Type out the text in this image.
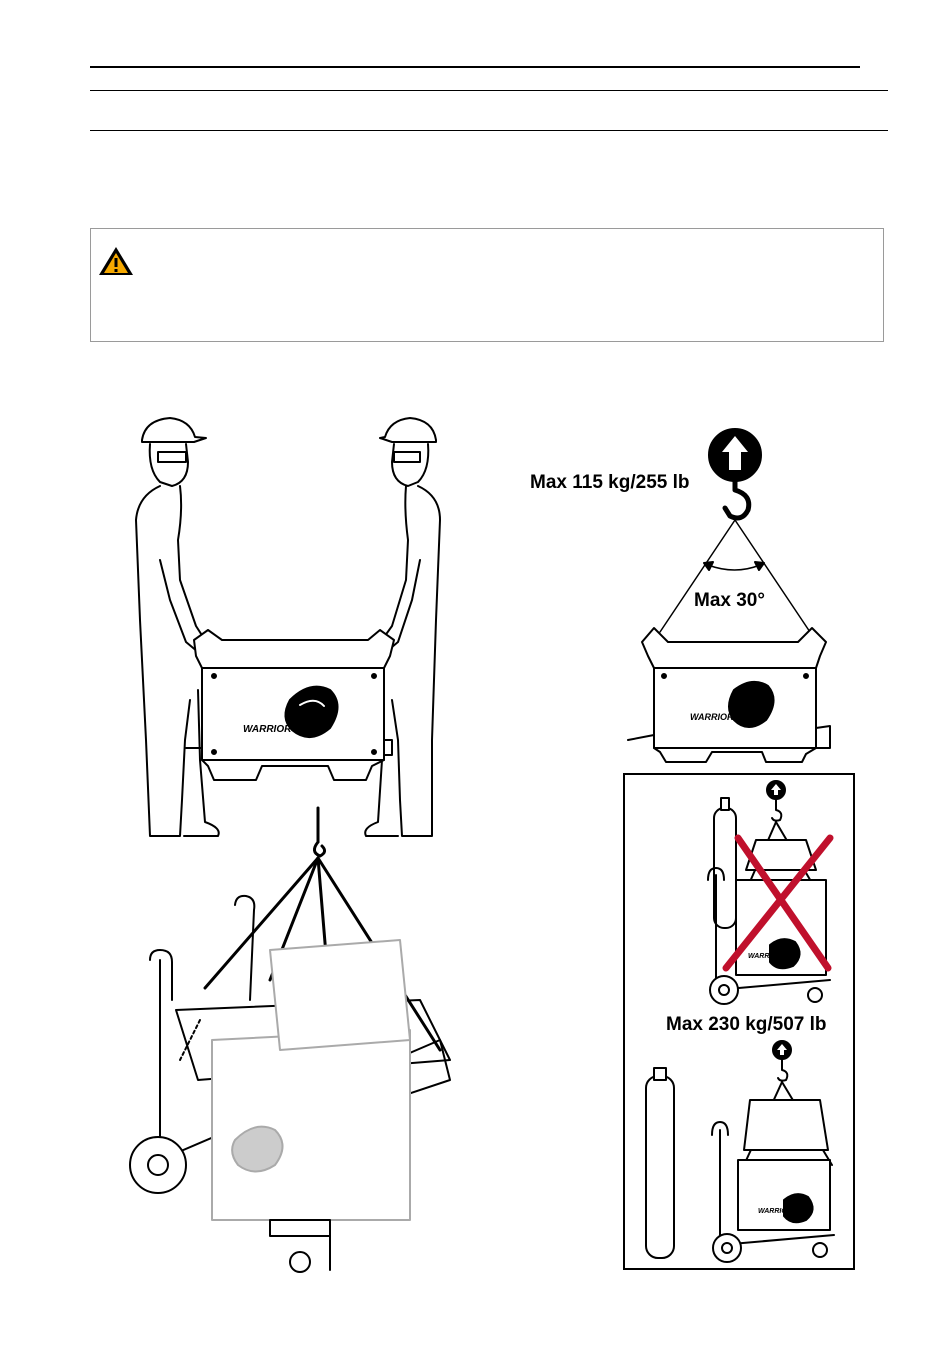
WARRIOR
WARRIOR
WARRIOR
WARRIOR
Max 115 kg/255 lb
Max 30°
Max 230 kg/507 lb
